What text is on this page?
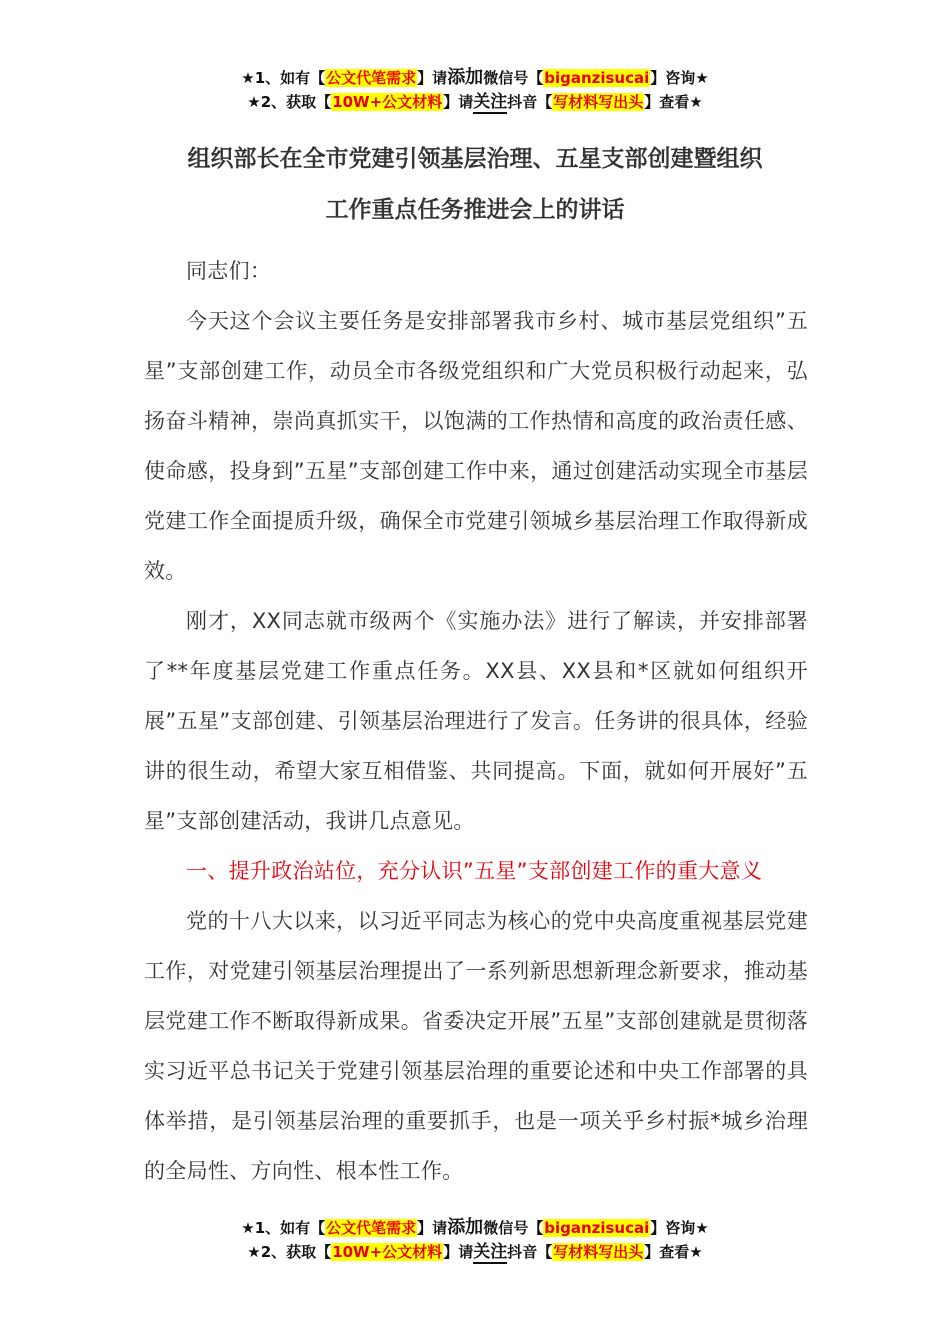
★1、如有【公文代笔需求】请添加微信号【biganzisucai】咨询★
★2、获取【10W+公文材料】请关注抖音【写材料写出头】查看★
组织部长在全市党建引领基层治理、五星支部创建暨组织
工作重点任务推进会上的讲话

同志们：

今天这个会议主要任务是安排部署我市乡村、城市基层党组织”五星”支部创建工作，动员全市各级党组织和广大党员积极行动起来，弘扬奋斗精神，崇尚真抓实干，以饱满的工作热情和高度的政治责任感、使命感，投身到”五星”支部创建工作中来，通过创建活动实现全市基层党建工作全面提质升级，确保全市党建引领城乡基层治理工作取得新成效。

刚才，XX同志就市级两个《实施办法》进行了解读，并安排部署了**年度基层党建工作重点任务。XX县、XX县和*区就如何组织开展”五星”支部创建、引领基层治理进行了发言。任务讲的很具体，经验讲的很生动，希望大家互相借鉴、共同提高。下面，就如何开展好”五星”支部创建活动，我讲几点意见。

一、提升政治站位，充分认识”五星”支部创建工作的重大意义

党的十八大以来，以习近平同志为核心的党中央高度重视基层党建工作，对党建引领基层治理提出了一系列新思想新理念新要求，推动基层党建工作不断取得新成果。省委决定开展”五星”支部创建就是贯彻落实习近平总书记关于党建引领基层治理的重要论述和中央工作部署的具体举措，是引领基层治理的重要抓手，也是一项关乎乡村振*城乡治理的全局性、方向性、根本性工作。

★1、如有【公文代笔需求】请添加微信号【biganzisucai】咨询★
★2、获取【10W+公文材料】请关注抖音【写材料写出头】查看★
